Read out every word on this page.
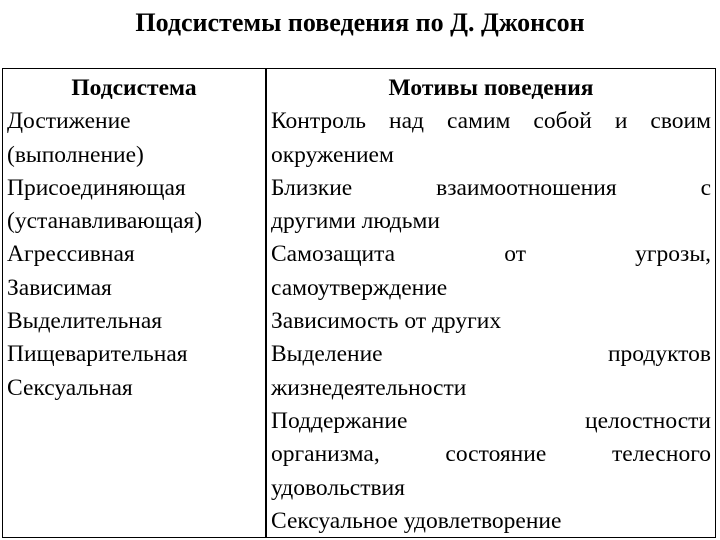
Подсистемы поведения по Д. Джонсон
Подсистема
Достижение
(выполнение)
Присоединяющая
(устанавливающая)
Агрессивная
Зависимая
Выделительная
Пищеварительная
Сексуальная
Мотивы поведения
Контроль над самим собой и своим
окружением
Близкие взаимоотношения с
другими людьми
Самозащита от угрозы,
самоутверждение
Зависимость от других
Выделение продуктов
жизнедеятельности
Поддержание целостности
организма, состояние телесного
удовольствия
Сексуальное удовлетворение
